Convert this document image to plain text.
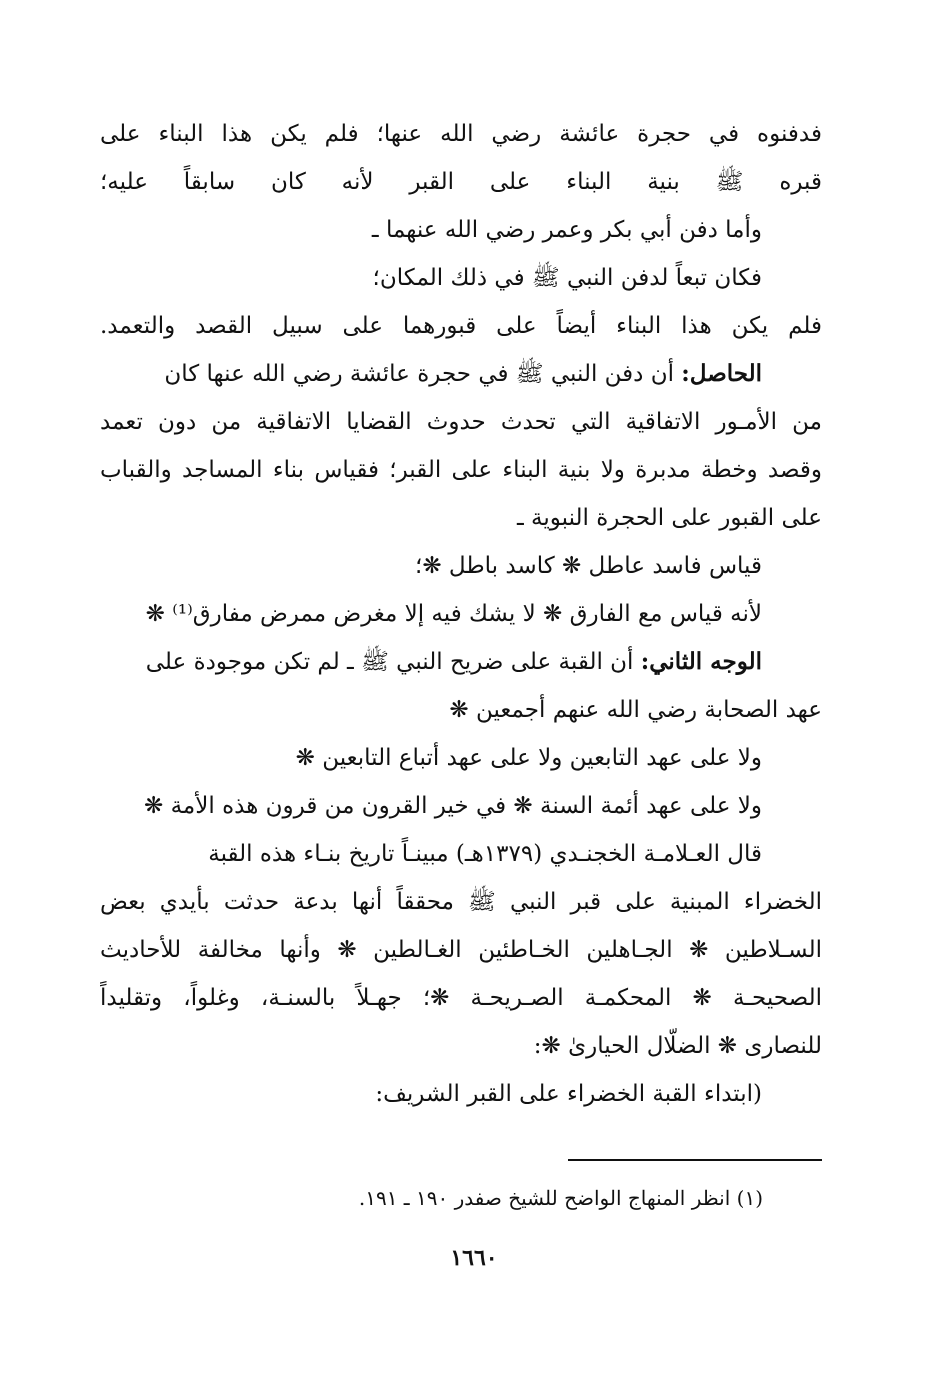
فدفنوه في حجرة عائشة رضي الله عنها؛ فلم يكن هذا البناء على
قبره ﷺ بنية البناء على القبر لأنه كان سابقاً عليه؛
وأما دفن أبي بكر وعمر رضي الله عنهما ـ
فكان تبعاً لدفن النبي ﷺ في ذلك المكان؛
فلم يكن هذا البناء أيضاً على قبورهما على سبيل القصد والتعمد.
الحاصل: أن دفن النبي ﷺ في حجرة عائشة رضي الله عنها كان
من الأمـور الاتفاقية التي تحدث حدوث القضايا الاتفاقية من دون تعمد
وقصد وخطة مدبرة ولا بنية البناء على القبر؛ فقياس بناء المساجد والقباب
على القبور على الحجرة النبوية ـ
قياس فاسد عاطل ❋ كاسد باطل ❋؛
لأنه قياس مع الفارق ❋ لا يشك فيه إلا مغرض ممرض مفارق⁽¹⁾ ❋
الوجه الثاني: أن القبة على ضريح النبي ﷺ ـ لم تكن موجودة على
عهد الصحابة رضي الله عنهم أجمعين ❋
ولا على عهد التابعين ولا على عهد أتباع التابعين ❋
ولا على عهد أئمة السنة ❋ في خير القرون من قرون هذه الأمة ❋
قال العـلامـة الخجنـدي (١٣٧٩هـ) مبينـاً تاريخ بنـاء هذه القبة
الخضراء المبنية على قبر النبي ﷺ محققاً أنها بدعة حدثت بأيدي بعض
السـلاطين ❋ الجـاهلين الخـاطئين الغـالطين ❋ وأنها مخالفة للأحاديث
الصحيحـة ❋ المحكمـة الصـريحـة ❋؛ جهـلاً بالسنـة، وغلواً، وتقليداً
للنصارى ❋ الضلّال الحيارىٰ ❋:
(ابتداء القبة الخضراء على القبر الشريف:
(١) انظر المنهاج الواضح للشيخ صفدر ١٩٠ ـ ١٩١.
١٦٦٠
